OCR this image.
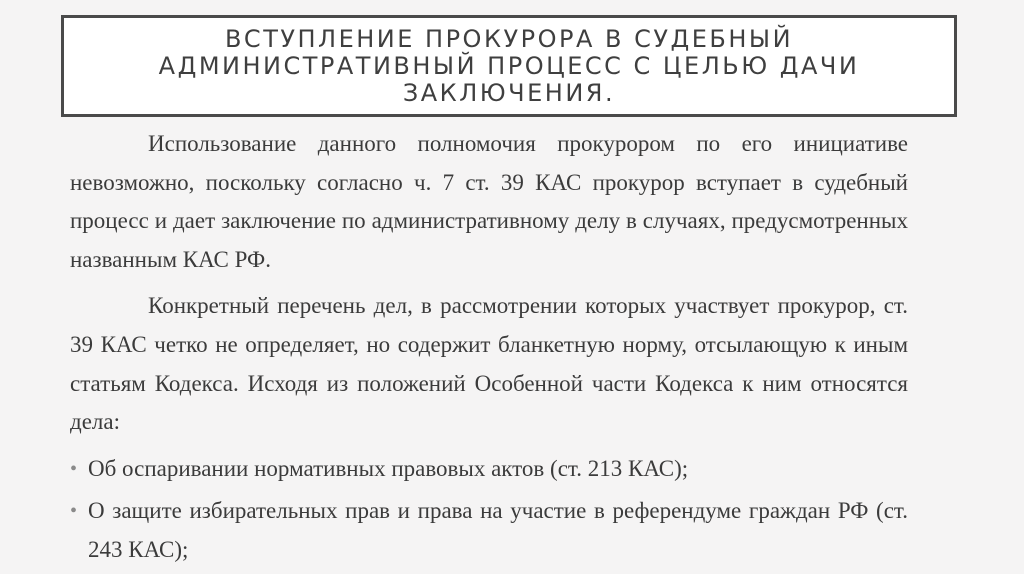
ВСТУПЛЕНИЕ ПРОКУРОРА В СУДЕБНЫЙ АДМИНИСТРАТИВНЫЙ ПРОЦЕСС С ЦЕЛЬЮ ДАЧИ ЗАКЛЮЧЕНИЯ.

Использование данного полномочия прокурором по его инициативе невозможно, поскольку согласно ч. 7 ст. 39 КАС прокурор вступает в судебный процесс и дает заключение по административному делу в случаях, предусмотренных названным КАС РФ.

Конкретный перечень дел, в рассмотрении которых участвует прокурор, ст. 39 КАС четко не определяет, но содержит бланкетную норму, отсылающую к иным статьям Кодекса. Исходя из положений Особенной части Кодекса к ним относятся дела:

• Об оспаривании нормативных правовых актов (ст. 213 КАС);
• О защите избирательных прав и права на участие в референдуме граждан РФ (ст. 243 КАС);
